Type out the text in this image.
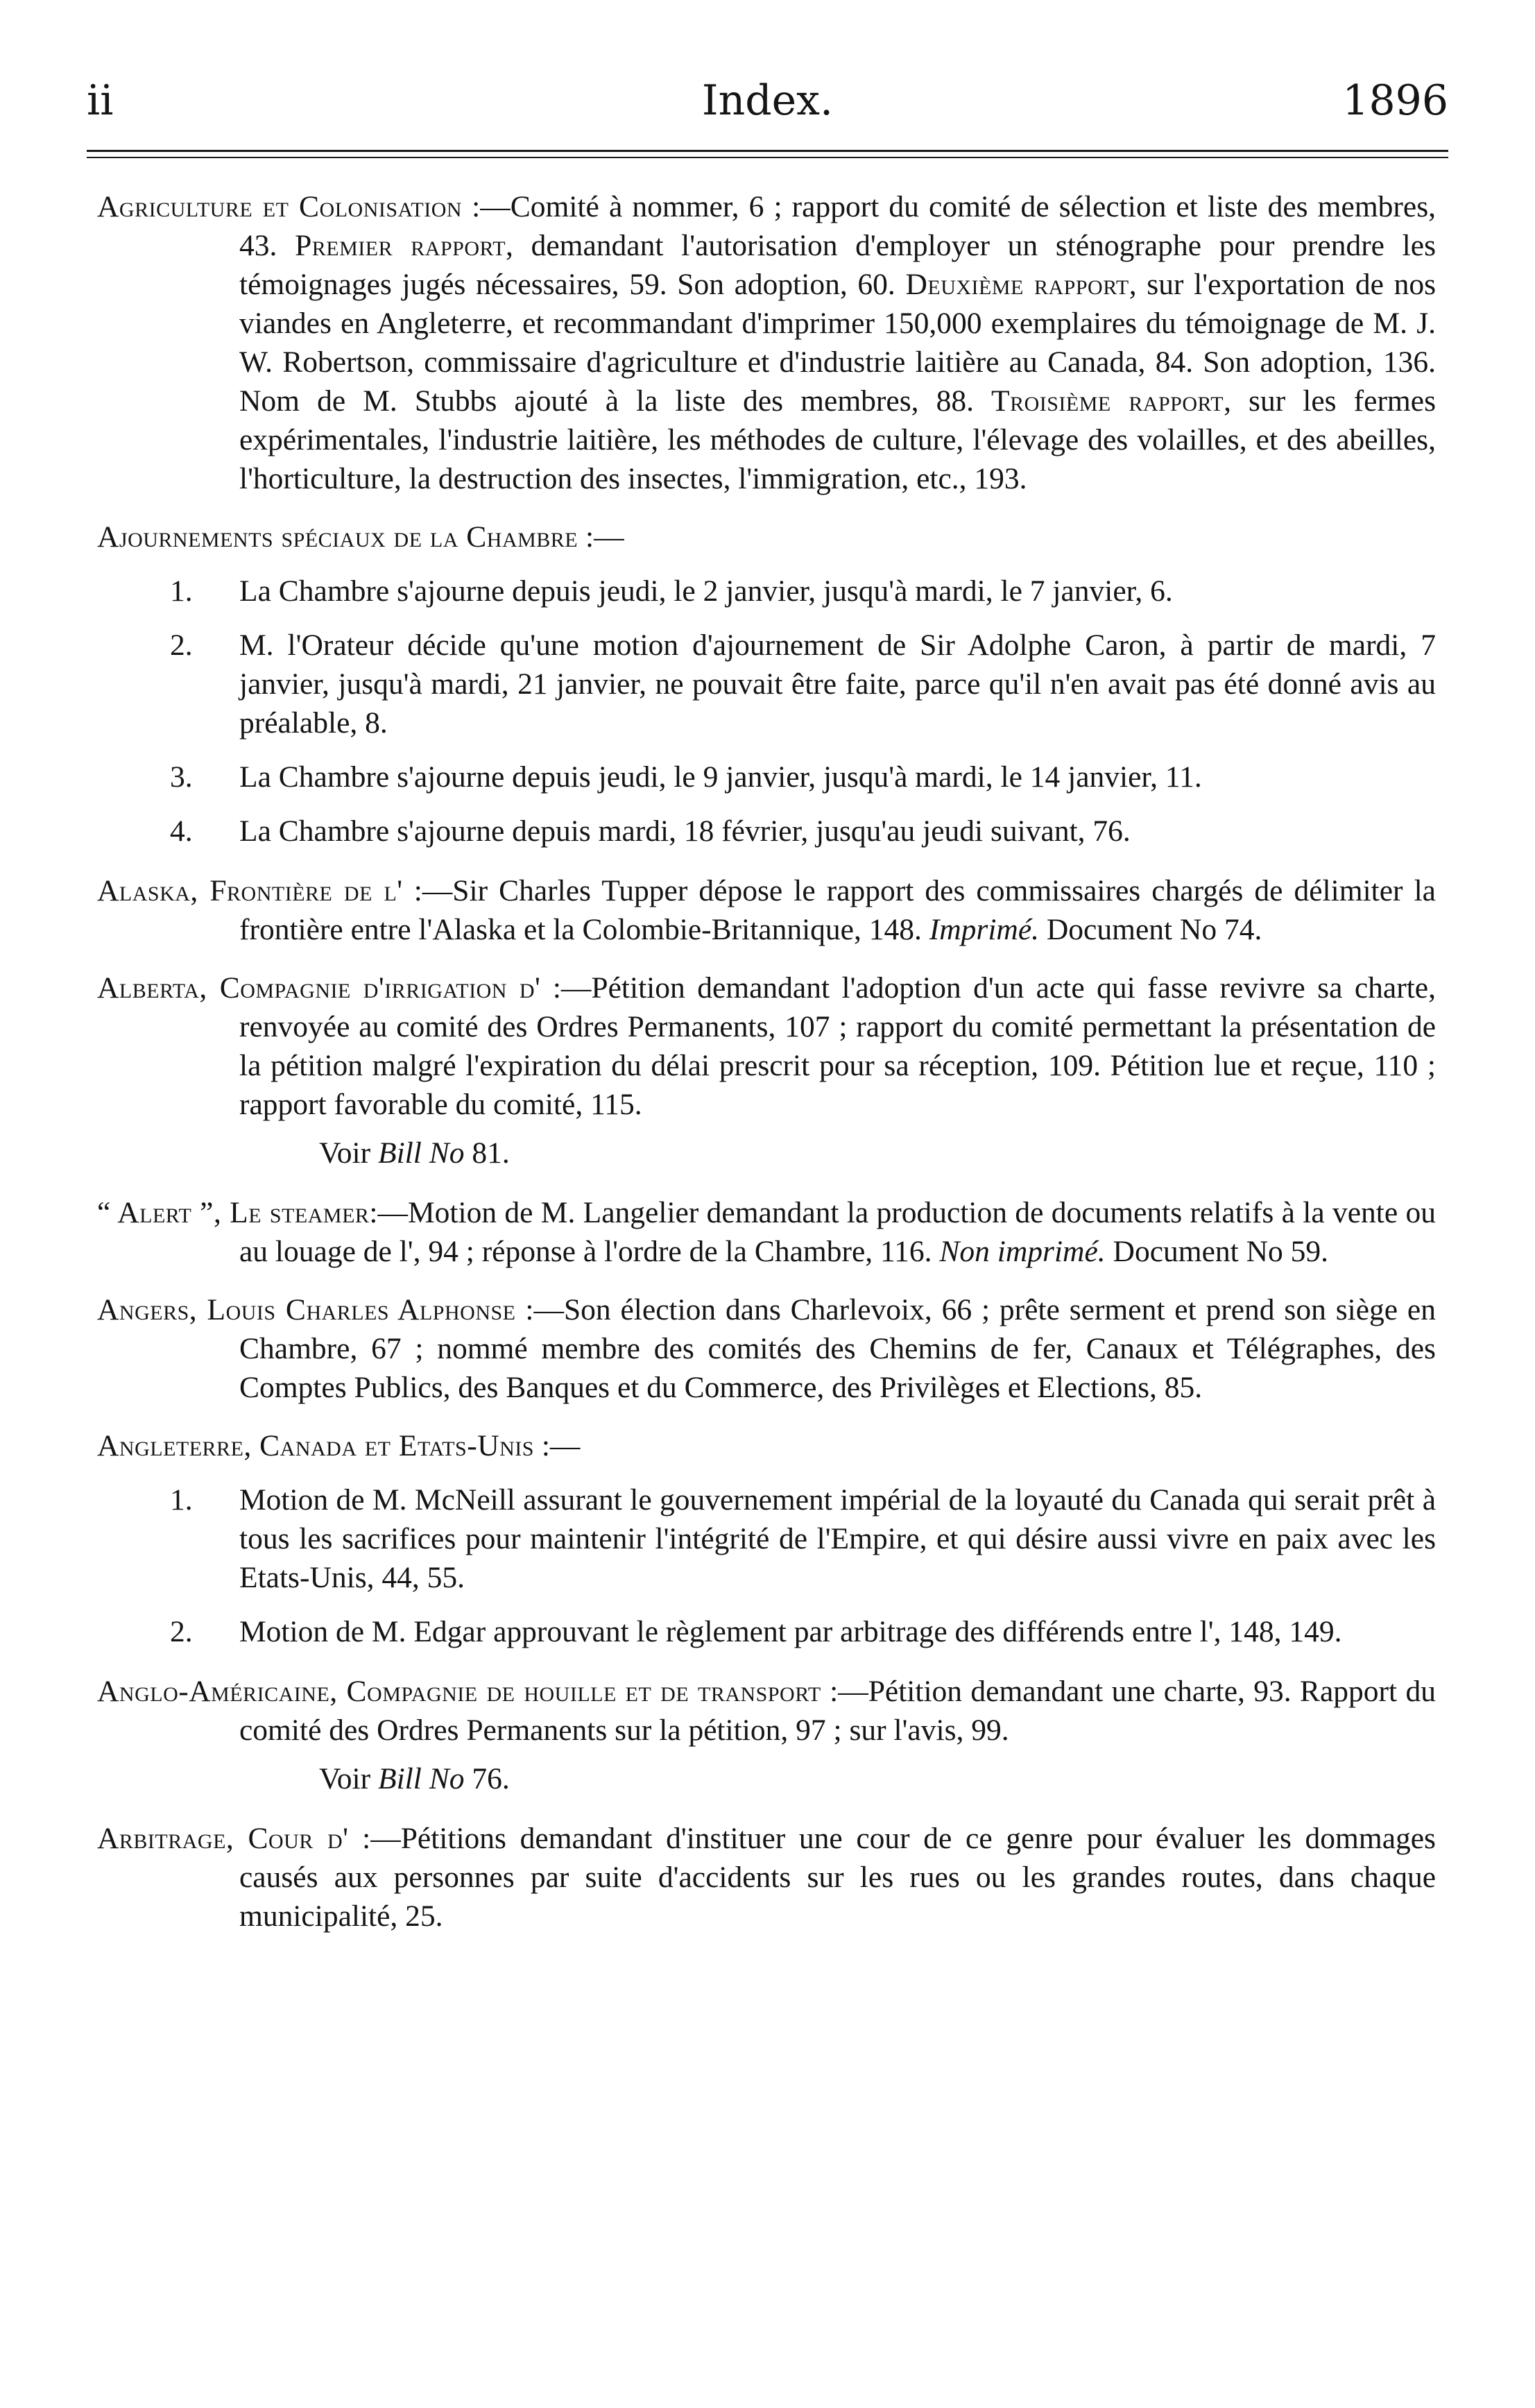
ii	Index.	1896

Agriculture et Colonisation :—Comité à nommer, 6 ; rapport du comité de sélection et liste des membres, 43. Premier rapport, demandant l'autorisation d'employer un sténographe pour prendre les témoignages jugés nécessaires, 59. Son adoption, 60. Deuxième rapport, sur l'exportation de nos viandes en Angleterre, et recommandant d'imprimer 150,000 exemplaires du témoignage de M. J. W. Robertson, commissaire d'agriculture et d'industrie laitière au Canada, 84. Son adoption, 136. Nom de M. Stubbs ajouté à la liste des membres, 88. Troisième rapport, sur les fermes expérimentales, l'industrie laitière, les méthodes de culture, l'élevage des volailles, et des abeilles, l'horticulture, la destruction des insectes, l'immigration, etc., 193.

Ajournements spéciaux de la Chambre :—

1. La Chambre s'ajourne depuis jeudi, le 2 janvier, jusqu'à mardi, le 7 janvier, 6.

2. M. l'Orateur décide qu'une motion d'ajournement de Sir Adolphe Caron, à partir de mardi, 7 janvier, jusqu'à mardi, 21 janvier, ne pouvait être faite, parce qu'il n'en avait pas été donné avis au préalable, 8.

3. La Chambre s'ajourne depuis jeudi, le 9 janvier, jusqu'à mardi, le 14 janvier, 11.

4. La Chambre s'ajourne depuis mardi, 18 février, jusqu'au jeudi suivant, 76.

Alaska, Frontière de l' :—Sir Charles Tupper dépose le rapport des commissaires chargés de délimiter la frontière entre l'Alaska et la Colombie-Britannique, 148. Imprimé. Document No 74.

Alberta, Compagnie d'irrigation d' :—Pétition demandant l'adoption d'un acte qui fasse revivre sa charte, renvoyée au comité des Ordres Permanents, 107 ; rapport du comité permettant la présentation de la pétition malgré l'expiration du délai prescrit pour sa réception, 109. Pétition lue et reçue, 110 ; rapport favorable du comité, 115.

Voir Bill No 81.

“ Alert ”, Le steamer:—Motion de M. Langelier demandant la production de documents relatifs à la vente ou au louage de l', 94 ; réponse à l'ordre de la Chambre, 116. Non imprimé. Document No 59.

Angers, Louis Charles Alphonse :—Son élection dans Charlevoix, 66 ; prête serment et prend son siège en Chambre, 67 ; nommé membre des comités des Chemins de fer, Canaux et Télégraphes, des Comptes Publics, des Banques et du Commerce, des Privilèges et Elections, 85.

Angleterre, Canada et Etats-Unis :—

1. Motion de M. McNeill assurant le gouvernement impérial de la loyauté du Canada qui serait prêt à tous les sacrifices pour maintenir l'intégrité de l'Empire, et qui désire aussi vivre en paix avec les Etats-Unis, 44, 55.

2. Motion de M. Edgar approuvant le règlement par arbitrage des différends entre l', 148, 149.

Anglo-Américaine, Compagnie de houille et de transport :—Pétition demandant une charte, 93. Rapport du comité des Ordres Permanents sur la pétition, 97 ; sur l'avis, 99.

Voir Bill No 76.

Arbitrage, Cour d' :—Pétitions demandant d'instituer une cour de ce genre pour évaluer les dommages causés aux personnes par suite d'accidents sur les rues ou les grandes routes, dans chaque municipalité, 25.
